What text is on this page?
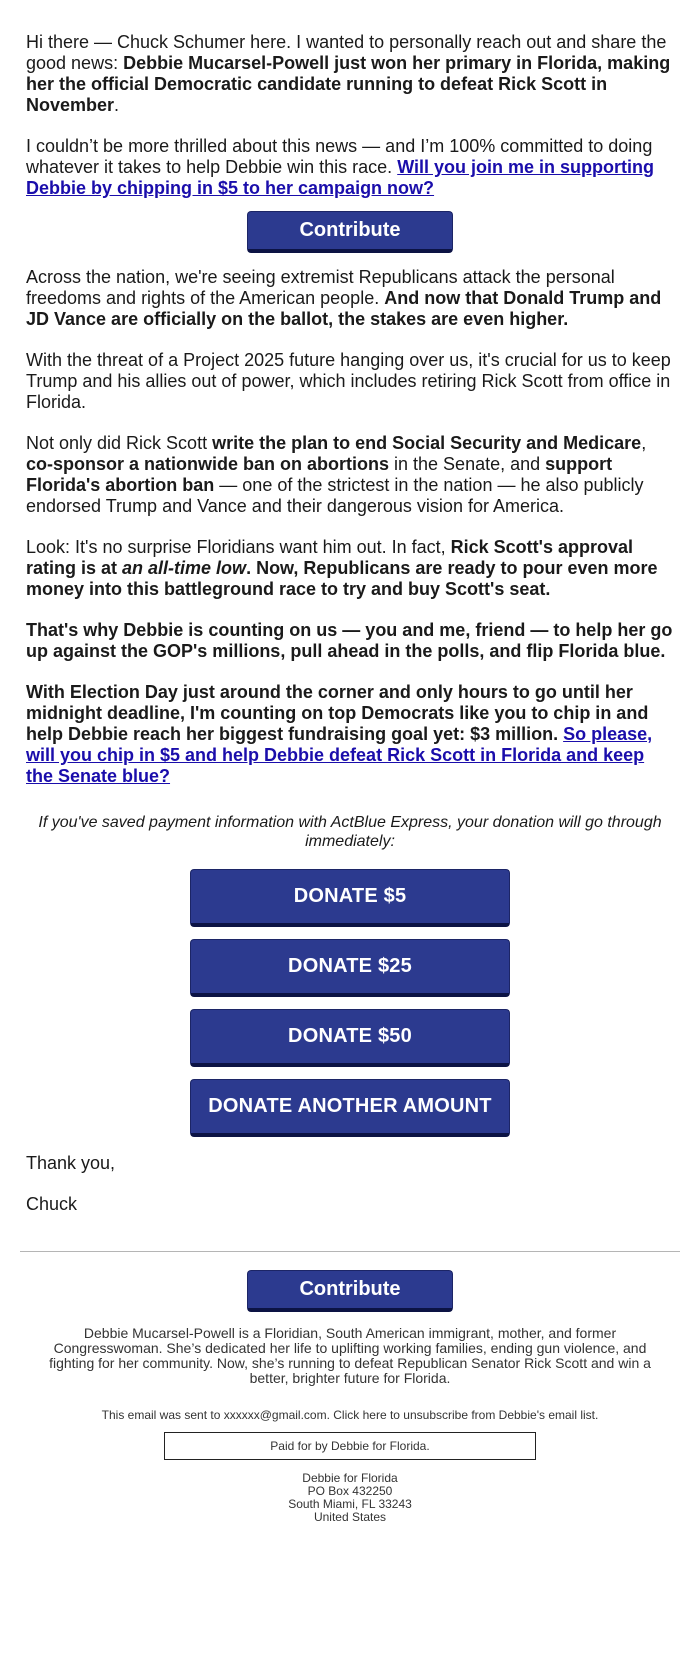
Hi there — Chuck Schumer here. I wanted to personally reach out and share the good news: Debbie Mucarsel-Powell just won her primary in Florida, making her the official Democratic candidate running to defeat Rick Scott in November.

I couldn’t be more thrilled about this news — and I’m 100% committed to doing whatever it takes to help Debbie win this race. Will you join me in supporting Debbie by chipping in $5 to her campaign now?

Contribute

Across the nation, we're seeing extremist Republicans attack the personal freedoms and rights of the American people. And now that Donald Trump and JD Vance are officially on the ballot, the stakes are even higher.

With the threat of a Project 2025 future hanging over us, it's crucial for us to keep Trump and his allies out of power, which includes retiring Rick Scott from office in Florida.

Not only did Rick Scott write the plan to end Social Security and Medicare, co-sponsor a nationwide ban on abortions in the Senate, and support Florida's abortion ban — one of the strictest in the nation — he also publicly endorsed Trump and Vance and their dangerous vision for America.

Look: It's no surprise Floridians want him out. In fact, Rick Scott's approval rating is at an all-time low. Now, Republicans are ready to pour even more money into this battleground race to try and buy Scott's seat.

That's why Debbie is counting on us — you and me, friend — to help her go up against the GOP's millions, pull ahead in the polls, and flip Florida blue.

With Election Day just around the corner and only hours to go until her midnight deadline, I'm counting on top Democrats like you to chip in and help Debbie reach her biggest fundraising goal yet: $3 million. So please, will you chip in $5 and help Debbie defeat Rick Scott in Florida and keep the Senate blue?

If you've saved payment information with ActBlue Express, your donation will go through immediately:

DONATE $5
DONATE $25
DONATE $50
DONATE ANOTHER AMOUNT

Thank you,

Chuck

Contribute

Debbie Mucarsel-Powell is a Floridian, South American immigrant, mother, and former Congresswoman. She’s dedicated her life to uplifting working families, ending gun violence, and fighting for her community. Now, she’s running to defeat Republican Senator Rick Scott and win a better, brighter future for Florida.

This email was sent to xxxxxx@gmail.com. Click here to unsubscribe from Debbie's email list.

Paid for by Debbie for Florida.
Debbie for Florida
PO Box 432250
South Miami, FL 33243
United States
